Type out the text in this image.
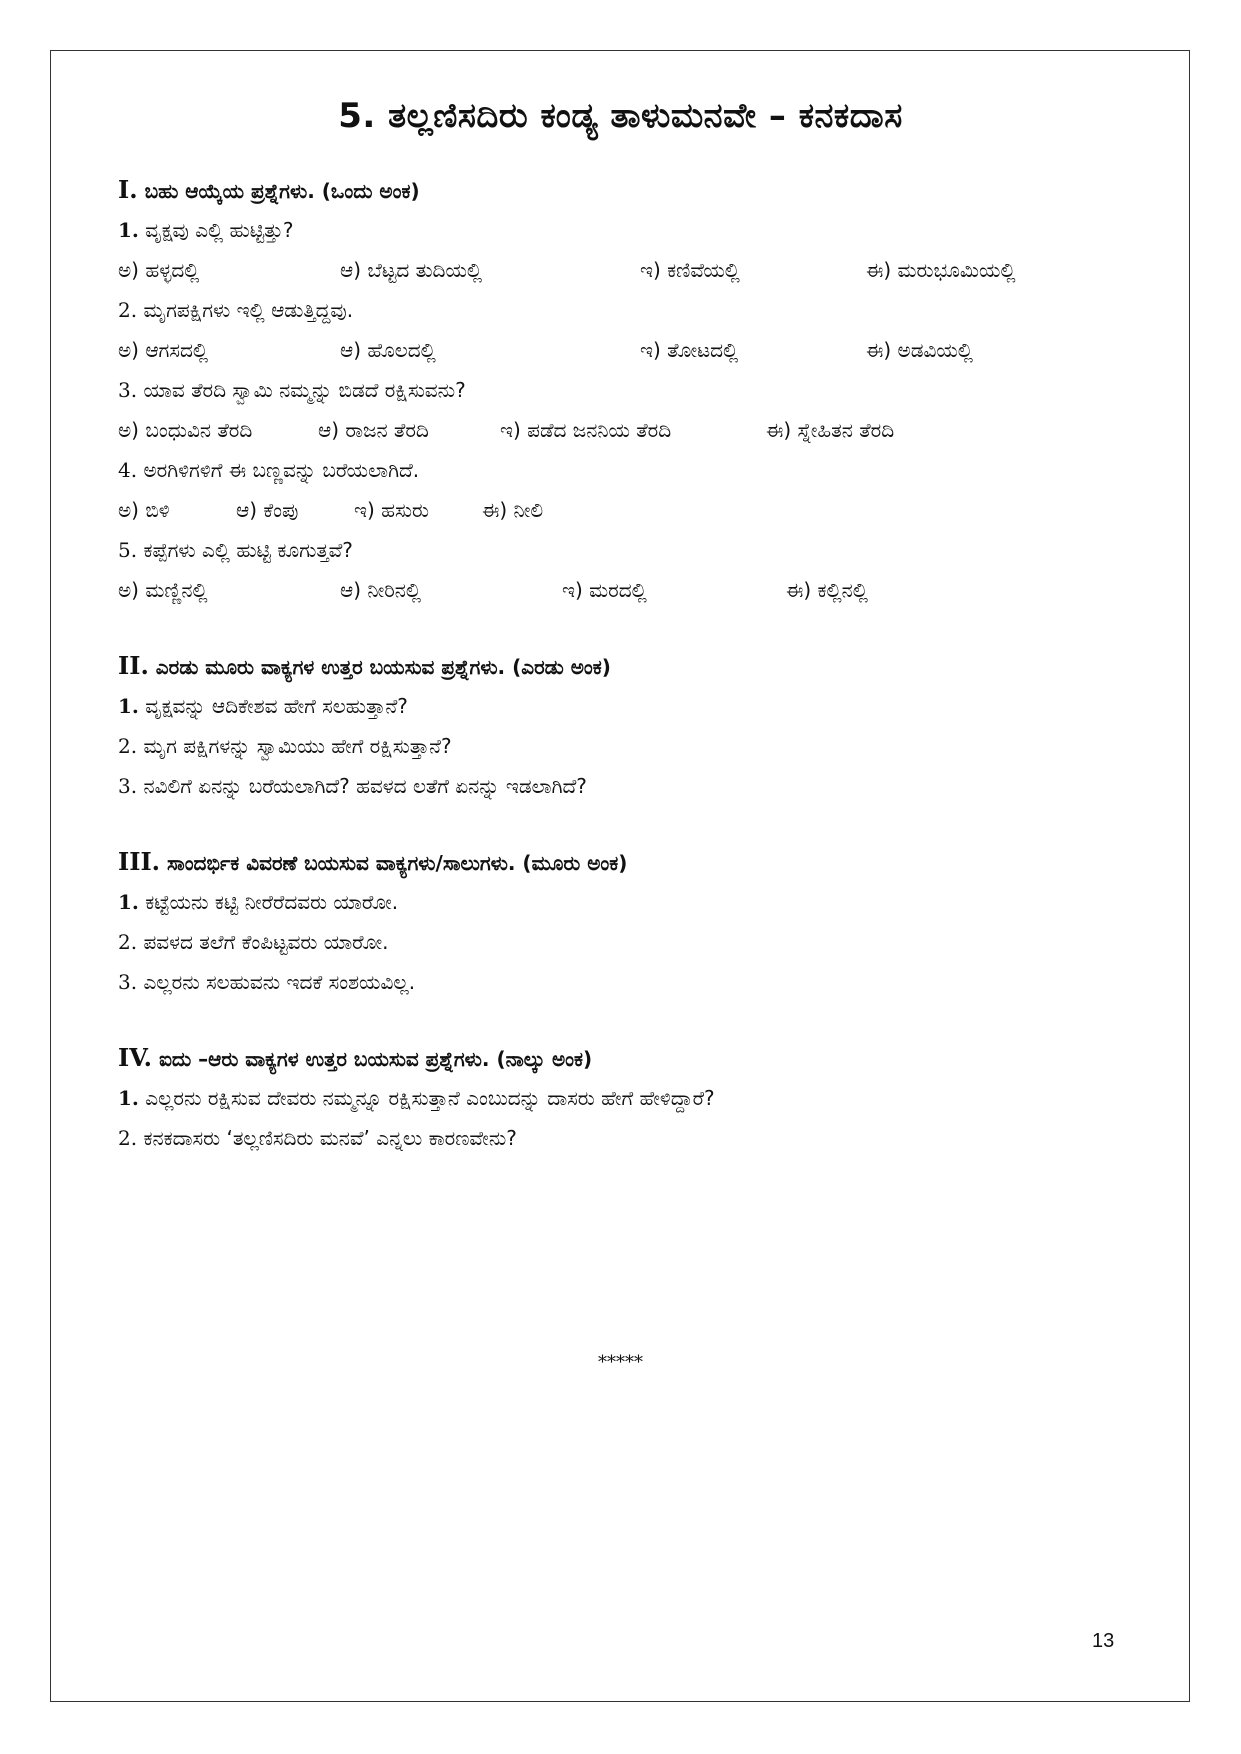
5. ತಲ್ಲಣಿಸದಿರು ಕಂಡ್ಯ ತಾಳುಮನವೇ – ಕನಕದಾಸ
I. ಬಹು ಆಯ್ಕೆಯ ಪ್ರಶ್ನೆಗಳು. (ಒಂದು ಅಂಕ)
1. ವೃಕ್ಷವು ಎಲ್ಲಿ ಹುಟ್ಟಿತ್ತು?
ಅ) ಹಳ್ಳದಲ್ಲಿ	ಆ) ಬೆಟ್ಟದ ತುದಿಯಲ್ಲಿ	ಇ) ಕಣಿವೆಯಲ್ಲಿ	ಈ) ಮರುಭೂಮಿಯಲ್ಲಿ
2. ಮೃಗಪಕ್ಷಿಗಳು ಇಲ್ಲಿ ಆಡುತ್ತಿದ್ದವು.
ಅ) ಆಗಸದಲ್ಲಿ	ಆ) ಹೊಲದಲ್ಲಿ	ಇ) ತೋಟದಲ್ಲಿ	ಈ) ಅಡವಿಯಲ್ಲಿ
3. ಯಾವ ತೆರದಿ ಸ್ವಾಮಿ ನಮ್ಮನ್ನು ಬಿಡದೆ ರಕ್ಷಿಸುವನು?
ಅ) ಬಂಧುವಿನ ತೆರದಿ	ಆ) ರಾಜನ ತೆರದಿ	ಇ) ಪಡೆದ ಜನನಿಯ ತೆರದಿ	ಈ) ಸ್ನೇಹಿತನ ತೆರದಿ
4. ಅರಗಿಳಿಗಳಿಗೆ ಈ ಬಣ್ಣವನ್ನು ಬರೆಯಲಾಗಿದೆ.
ಅ) ಬಿಳಿ	ಆ) ಕೆಂಪು	ಇ) ಹಸುರು	ಈ) ನೀಲಿ
5. ಕಪ್ಪೆಗಳು ಎಲ್ಲಿ ಹುಟ್ಟಿ ಕೂಗುತ್ತವೆ?
ಅ) ಮಣ್ಣಿನಲ್ಲಿ	ಆ) ನೀರಿನಲ್ಲಿ	ಇ) ಮರದಲ್ಲಿ	ಈ) ಕಲ್ಲಿನಲ್ಲಿ
II. ಎರಡು ಮೂರು ವಾಕ್ಯಗಳ ಉತ್ತರ ಬಯಸುವ ಪ್ರಶ್ನೆಗಳು. (ಎರಡು ಅಂಕ)
1. ವೃಕ್ಷವನ್ನು ಆದಿಕೇಶವ ಹೇಗೆ ಸಲಹುತ್ತಾನೆ?
2. ಮೃಗ ಪಕ್ಷಿಗಳನ್ನು ಸ್ವಾಮಿಯು ಹೇಗೆ ರಕ್ಷಿಸುತ್ತಾನೆ?
3. ನವಿಲಿಗೆ ಏನನ್ನು ಬರೆಯಲಾಗಿದೆ? ಹವಳದ ಲತೆಗೆ ಏನನ್ನು ಇಡಲಾಗಿದೆ?
III. ಸಾಂದರ್ಭಿಕ ವಿವರಣೆ ಬಯಸುವ ವಾಕ್ಯಗಳು/ಸಾಲುಗಳು. (ಮೂರು ಅಂಕ)
1. ಕಟ್ಟೆಯನು ಕಟ್ಟಿ ನೀರೆರೆದವರು ಯಾರೋ.
2. ಪವಳದ ತಲೆಗೆ ಕೆಂಪಿಟ್ಟವರು ಯಾರೋ.
3. ಎಲ್ಲರನು ಸಲಹುವನು ಇದಕೆ ಸಂಶಯವಿಲ್ಲ.
IV. ಐದು –ಆರು ವಾಕ್ಯಗಳ ಉತ್ತರ ಬಯಸುವ ಪ್ರಶ್ನೆಗಳು. (ನಾಲ್ಕು ಅಂಕ)
1. ಎಲ್ಲರನು ರಕ್ಷಿಸುವ ದೇವರು ನಮ್ಮನ್ನೂ ರಕ್ಷಿಸುತ್ತಾನೆ ಎಂಬುದನ್ನು ದಾಸರು ಹೇಗೆ ಹೇಳಿದ್ದಾರೆ?
2. ಕನಕದಾಸರು ‘ತಲ್ಲಣಿಸದಿರು ಮನವೆ’ ಎನ್ನಲು ಕಾರಣವೇನು?
*****
13
